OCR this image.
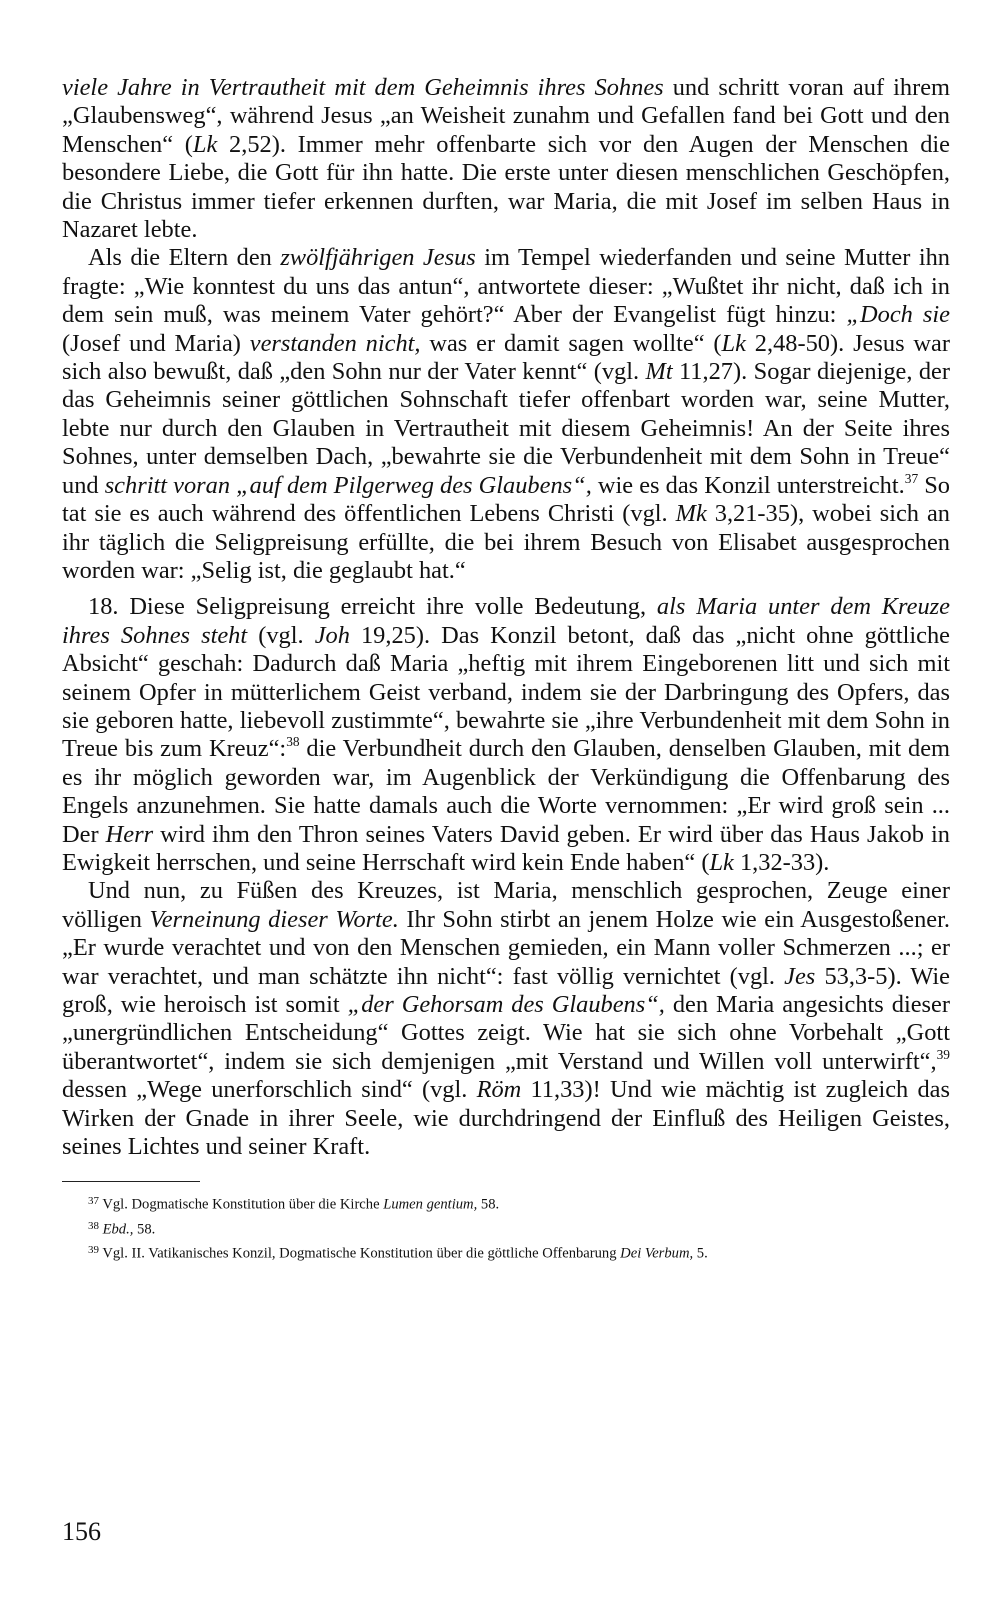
viele Jahre in Vertrautheit mit dem Geheimnis ihres Sohnes und schritt voran auf ihrem „Glaubensweg“, während Jesus „an Weisheit zunahm und Gefallen fand bei Gott und den Menschen“ (Lk 2,52). Immer mehr offenbarte sich vor den Augen der Menschen die besondere Liebe, die Gott für ihn hatte. Die erste unter diesen menschlichen Geschöpfen, die Christus immer tiefer erkennen durften, war Maria, die mit Josef im selben Haus in Nazaret lebte.

Als die Eltern den zwölfjährigen Jesus im Tempel wiederfanden und seine Mutter ihn fragte: „Wie konntest du uns das antun“, antwortete dieser: „Wußtet ihr nicht, daß ich in dem sein muß, was meinem Vater gehört?“ Aber der Evangelist fügt hinzu: „Doch sie (Josef und Maria) verstanden nicht, was er damit sagen wollte“ (Lk 2,48-50). Jesus war sich also bewußt, daß „den Sohn nur der Vater kennt“ (vgl. Mt 11,27). Sogar diejenige, der das Geheimnis seiner göttlichen Sohnschaft tiefer offenbart worden war, seine Mutter, lebte nur durch den Glauben in Vertrautheit mit diesem Geheimnis! An der Seite ihres Sohnes, unter demselben Dach, „bewahrte sie die Verbundenheit mit dem Sohn in Treue“ und schritt voran „auf dem Pilgerweg des Glaubens“, wie es das Konzil unterstreicht.$^{37}$ So tat sie es auch während des öffentlichen Lebens Christi (vgl. Mk 3,21-35), wobei sich an ihr täglich die Seligpreisung erfüllte, die bei ihrem Besuch von Elisabet ausgesprochen worden war: „Selig ist, die geglaubt hat.“

18. Diese Seligpreisung erreicht ihre volle Bedeutung, als Maria unter dem Kreuze ihres Sohnes steht (vgl. Joh 19,25). Das Konzil betont, daß das „nicht ohne göttliche Absicht“ geschah: Dadurch daß Maria „heftig mit ihrem Eingeborenen litt und sich mit seinem Opfer in mütterlichem Geist verband, indem sie der Darbringung des Opfers, das sie geboren hatte, liebevoll zustimmte“, bewahrte sie „ihre Verbundenheit mit dem Sohn in Treue bis zum Kreuz“:$^{38}$ die Verbundheit durch den Glauben, denselben Glauben, mit dem es ihr möglich geworden war, im Augenblick der Verkündigung die Offenbarung des Engels anzunehmen. Sie hatte damals auch die Worte vernommen: „Er wird groß sein ... Der Herr wird ihm den Thron seines Vaters David geben. Er wird über das Haus Jakob in Ewigkeit herrschen, und seine Herrschaft wird kein Ende haben“ (Lk 1,32-33).

Und nun, zu Füßen des Kreuzes, ist Maria, menschlich gesprochen, Zeuge einer völligen Verneinung dieser Worte. Ihr Sohn stirbt an jenem Holze wie ein Ausgestoßener. „Er wurde verachtet und von den Menschen gemieden, ein Mann voller Schmerzen ...; er war verachtet, und man schätzte ihn nicht“: fast völlig vernichtet (vgl. Jes 53,3-5). Wie groß, wie heroisch ist somit „der Gehorsam des Glaubens“, den Maria angesichts dieser „unergründlichen Entscheidung“ Gottes zeigt. Wie hat sie sich ohne Vorbehalt „Gott überantwortet“, indem sie sich demjenigen „mit Verstand und Willen voll unterwirft“,$^{39}$ dessen „Wege unerforschlich sind“ (vgl. Röm 11,33)! Und wie mächtig ist zugleich das Wirken der Gnade in ihrer Seele, wie durchdringend der Einfluß des Heiligen Geistes, seines Lichtes und seiner Kraft.

$^{37}$ Vgl. Dogmatische Konstitution über die Kirche Lumen gentium, 58.

$^{38}$ Ebd., 58.

$^{39}$ Vgl. II. Vatikanisches Konzil, Dogmatische Konstitution über die göttliche Offenbarung Dei Verbum, 5.

156
